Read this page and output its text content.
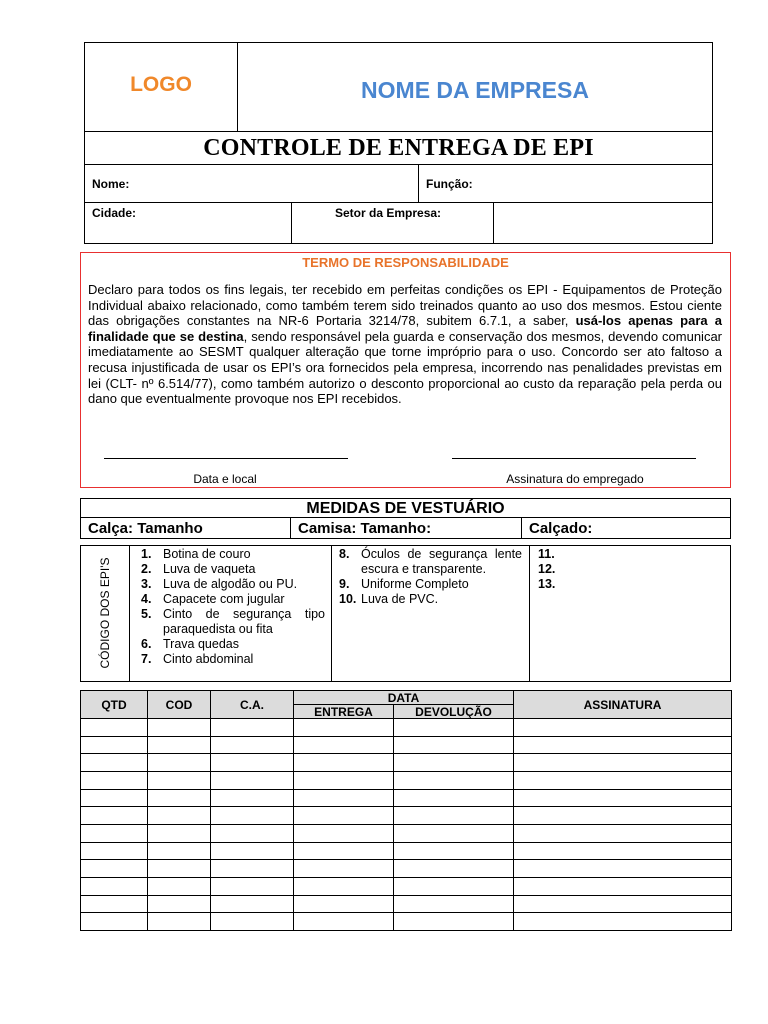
LOGO	NOME DA EMPRESA
CONTROLE DE ENTREGA DE EPI
Nome:	Função:
Cidade:	Setor da Empresa:
TERMO DE RESPONSABILIDADE
Declaro para todos os fins legais, ter recebido em perfeitas condições os EPI - Equipamentos de Proteção Individual abaixo relacionado, como também terem sido treinados quanto ao uso dos mesmos. Estou ciente das obrigações constantes na NR-6 Portaria 3214/78, subitem 6.7.1, a saber, usá-los apenas para a finalidade que se destina, sendo responsável pela guarda e conservação dos mesmos, devendo comunicar imediatamente ao SESMT qualquer alteração que torne impróprio para o uso. Concordo ser ato faltoso a recusa injustificada de usar os EPI’s ora fornecidos pela empresa, incorrendo nas penalidades previstas em lei (CLT- nº 6.514/77), como também autorizo o desconto proporcional ao custo da reparação pela perda ou dano que eventualmente provoque nos EPI recebidos.
Data e local	Assinatura do empregado
MEDIDAS DE VESTUÁRIO
Calça: Tamanho	Camisa: Tamanho:	Calçado:
CÓDIGO DOS EPI'S
1. Botina de couro
2. Luva de vaqueta
3. Luva de algodão ou PU.
4. Capacete com jugular
5. Cinto de segurança tipo paraquedista ou fita
6. Trava quedas
7. Cinto abdominal
8. Óculos de segurança lente escura e transparente.
9. Uniforme Completo
10. Luva de PVC.
11.
12.
13.
QTD	COD	C.A.	DATA		ASSINATURA
			ENTREGA	DEVOLUÇÃO	
